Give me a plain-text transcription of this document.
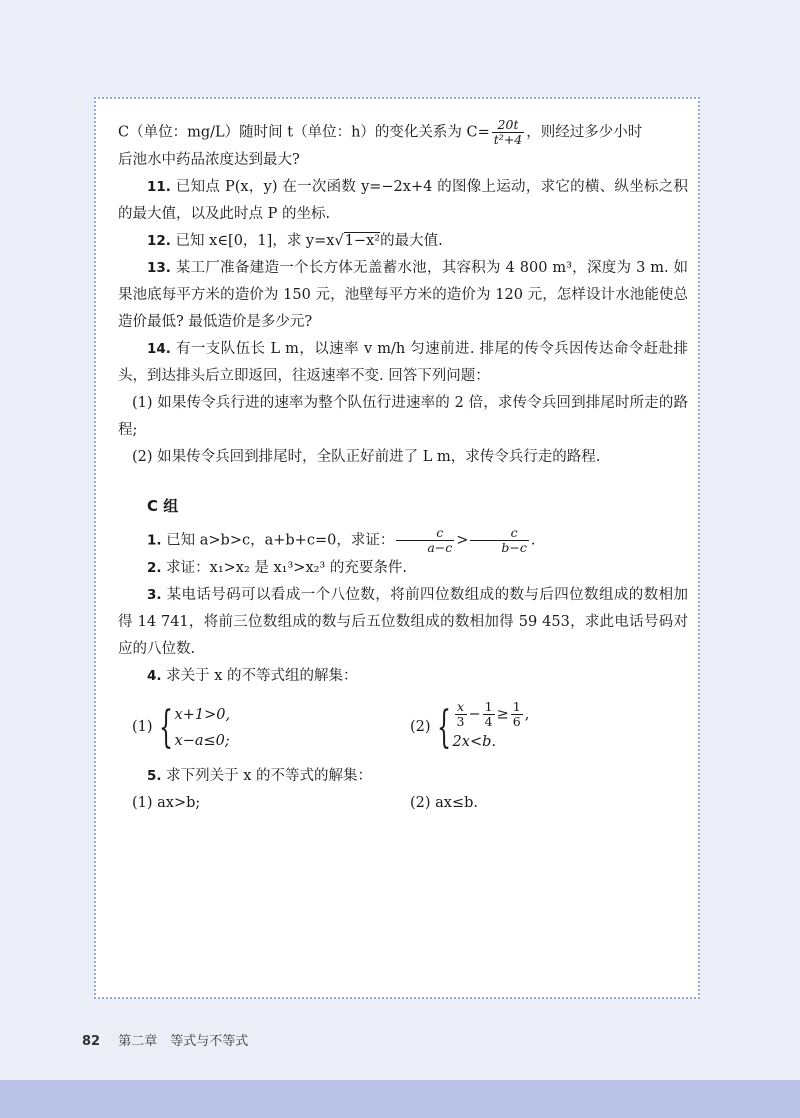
C（单位：mg/L）随时间 t（单位：h）的变化关系为 $C= \frac{20t}{\text{t²+4}}$ ，则经过多少小时

后池水中药品浓度达到最大?

11. 已知点 P(x，y) 在一次函数 y=−2x+4 的图像上运动，求它的横、纵坐标之积的最大值，以及此时点 P 的坐标.

12. 已知 x∈[0，1]，求 y=x√1−x²的最大值.

13. 某工厂准备建造一个长方体无盖蓄水池，其容积为 4 800 m³，深度为 3 m. 如果池底每平方米的造价为 150 元，池壁每平方米的造价为 120 元，怎样设计水池能使总造价最低? 最低造价是多少元?

14. 有一支队伍长 L m，以速率 v m/h 匀速前进. 排尾的传令兵因传达命令赶赴排头，到达排头后立即返回，往返速率不变. 回答下列问题：

(1) 如果传令兵行进的速率为整个队伍行进速率的 2 倍，求传令兵回到排尾时所走的路程;

(2) 如果传令兵回到排尾时，全队正好前进了 L m，求传令兵行走的路程.

C 组

1. 已知 a>b>c，a+b+c=0，求证： $\frac{c}{a-c} > \frac{c}{b-c}$ .

2. 求证：x₁>x₂ 是 x₁³>x₂³ 的充要条件.

3. 某电话号码可以看成一个八位数，将前四位数组成的数与后四位数组成的数相加得 14 741，将前三位数组成的数与后五位数组成的数相加得 59 453，求此电话号码对应的八位数.

4. 求关于 x 的不等式组的解集：

(1) { x+1>0,
x−a≤0;
(2) { $\frac{x}{3} - \frac{1}{4} \ge \frac{1}{6}$ ,
2x<b.

5. 求下列关于 x 的不等式的解集：

(1) ax>b;	(2) ax≤b.
82 第二章　等式与不等式
